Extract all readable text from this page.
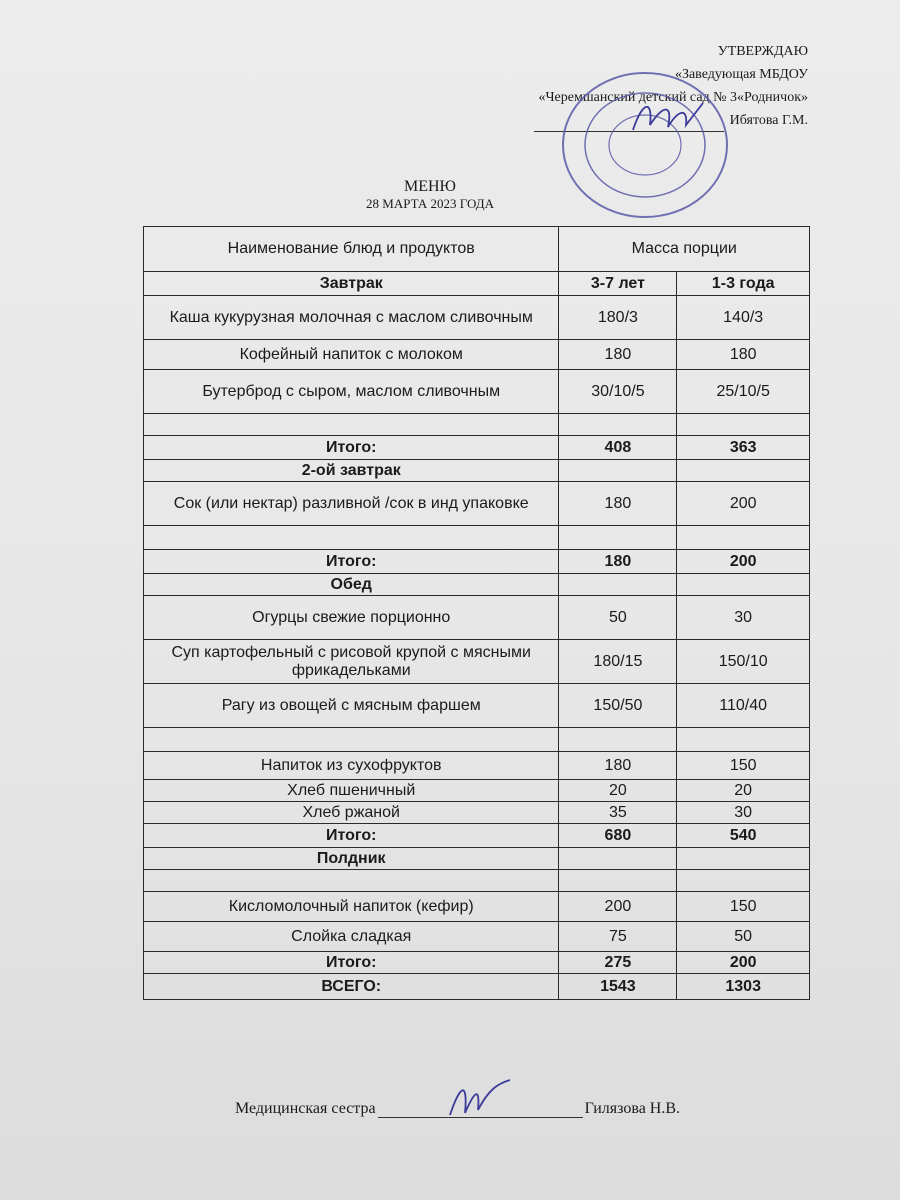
УТВЕРЖДАЮ
«Заведующая МБДОУ
«Черемшанский детский сад № 3«Родничок»
Ибятова Г.М.
МЕНЮ
28 МАРТА 2023 ГОДА
Наименование блюд и продуктов	Масса порции	
Завтрак	3-7 лет	1-3 года
Каша кукурузная молочная с маслом сливочным	180/3	140/3
Кофейный напиток с молоком	180	180
Бутерброд с сыром, маслом сливочным	30/10/5	25/10/5

Итого:	408	363
2-ой завтрак		
Сок (или нектар) разливной /сок в инд упаковке	180	200

Итого:	180	200
Обед		
Огурцы свежие порционно	50	30
Суп картофельный с рисовой крупой с мясными фрикадельками	180/15	150/10
Рагу из овощей с мясным фаршем	150/50	110/40

Напиток из сухофруктов	180	150
Хлеб пшеничный	20	20
Хлеб ржаной	35	30
Итого:	680	540
Полдник		

Кисломолочный напиток (кефир)	200	150
Слойка сладкая	75	50
Итого:	275	200
ВСЕГО:	1543	1303
Медицинская сестра	Гилязова Н.В.
